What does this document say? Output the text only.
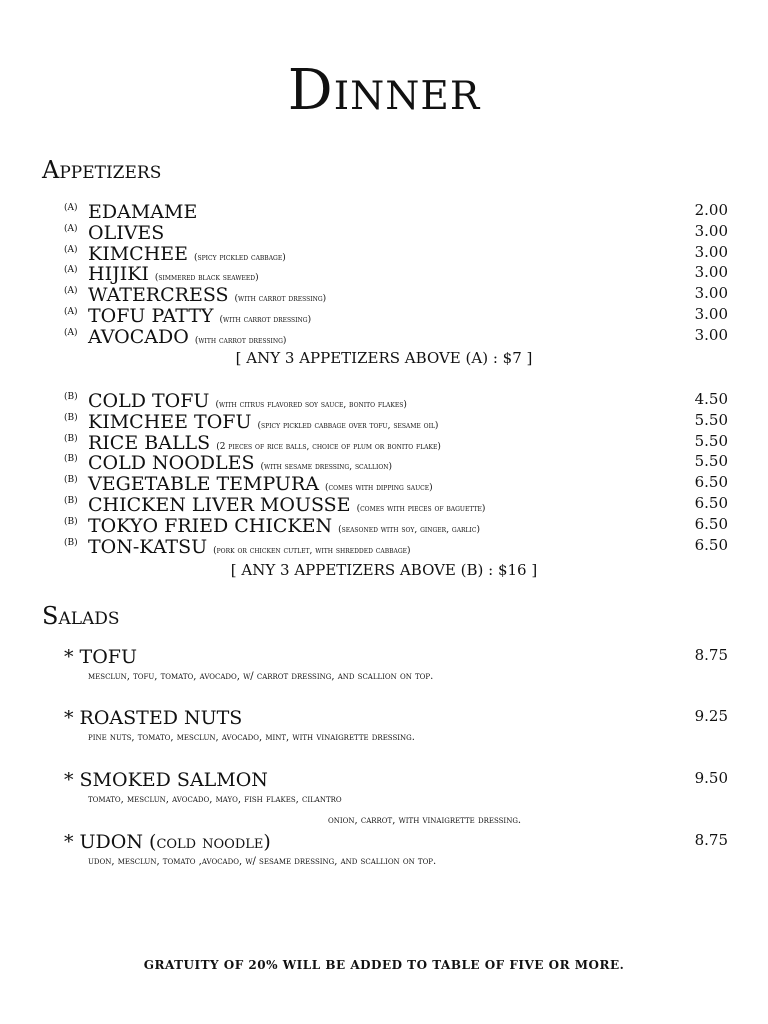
Dinner
Appetizers
(A) EDAMAME	2.00
(A) OLIVES	3.00
(A) KIMCHEE (spicy pickled cabbage)	3.00
(A) HIJIKI (simmered black seaweed)	3.00
(A) WATERCRESS (with carrot dressing)	3.00
(A) TOFU PATTY (with carrot dressing)	3.00
(A) AVOCADO (with carrot dressing)	3.00
[ ANY 3 APPETIZERS ABOVE (A) : $7 ]
(B) COLD TOFU (with citrus flavored soy sauce, bonito flakes)	4.50
(B) KIMCHEE TOFU (spicy pickled cabbage over tofu, sesame oil)	5.50
(B) RICE BALLS (2 pieces of rice balls, choice of plum or bonito flake)	5.50
(B) COLD NOODLES (with sesame dressing, scallion)	5.50
(B) VEGETABLE TEMPURA (comes with dipping sauce)	6.50
(B) CHICKEN LIVER MOUSSE (comes with pieces of baguette)	6.50
(B) TOKYO FRIED CHICKEN (seasoned with soy, ginger, garlic)	6.50
(B) TON-KATSU (pork or chicken cutlet, with shredded cabbage)	6.50
[ ANY 3 APPETIZERS ABOVE (B) : $16 ]
Salads
* TOFU	8.75
mesclun, tofu, tomato, avocado, w/ carrot dressing, and scallion on top.
* ROASTED NUTS	9.25
pine nuts, tomato, mesclun, avocado, mint, with vinaigrette dressing.
* SMOKED SALMON	9.50
tomato, mesclun, avocado, mayo, fish flakes, cilantro
onion, carrot, with vinaigrette dressing.
* UDON (cold noodle)	8.75
udon, mesclun, tomato ,avocado, w/ sesame dressing, and scallion on top.
GRATUITY OF 20% WILL BE ADDED TO TABLE OF FIVE OR MORE.
